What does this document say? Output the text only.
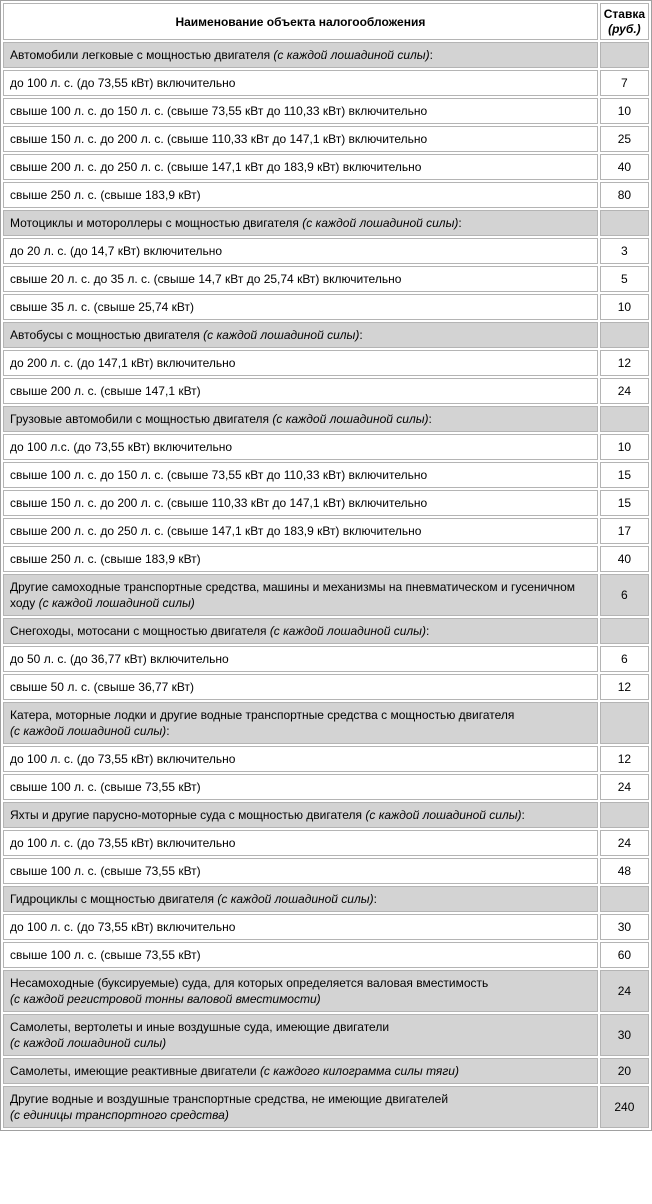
Наименование объекта налогообложения	Ставка
(руб.)
Автомобили легковые с мощностью двигателя (с каждой лошадиной силы):	
до 100 л. с. (до 73,55 кВт) включительно	7
свыше 100 л. с. до 150 л. с. (свыше 73,55 кВт до 110,33 кВт) включительно	10
свыше 150 л. с. до 200 л. с. (свыше 110,33 кВт до 147,1 кВт) включительно	25
свыше 200 л. с. до 250 л. с. (свыше 147,1 кВт до 183,9 кВт) включительно	40
свыше 250 л. с. (свыше 183,9 кВт)	80
Мотоциклы и мотороллеры с мощностью двигателя (с каждой лошадиной силы):	
до 20 л. с. (до 14,7 кВт) включительно	3
свыше 20 л. с. до 35 л. с. (свыше 14,7 кВт до 25,74 кВт) включительно	5
свыше 35 л. с. (свыше 25,74 кВт)	10
Автобусы с мощностью двигателя (с каждой лошадиной силы):	
до 200 л. с. (до 147,1 кВт) включительно	12
свыше 200 л. с. (свыше 147,1 кВт)	24
Грузовые автомобили с мощностью двигателя (с каждой лошадиной силы):	
до 100 л.с. (до 73,55 кВт) включительно	10
свыше 100 л. с. до 150 л. с. (свыше 73,55 кВт до 110,33 кВт) включительно	15
свыше 150 л. с. до 200 л. с. (свыше 110,33 кВт до 147,1 кВт) включительно	15
свыше 200 л. с. до 250 л. с. (свыше 147,1 кВт до 183,9 кВт) включительно	17
свыше 250 л. с. (свыше 183,9 кВт)	40
Другие самоходные транспортные средства, машины и механизмы на пневматическом и гусеничном ходу (с каждой лошадиной силы)	6
Снегоходы, мотосани с мощностью двигателя (с каждой лошадиной силы):	
до 50 л. с. (до 36,77 кВт) включительно	6
свыше 50 л. с. (свыше 36,77 кВт)	12
Катера, моторные лодки и другие водные транспортные средства с мощностью двигателя
(с каждой лошадиной силы):	
до 100 л. с. (до 73,55 кВт) включительно	12
свыше 100 л. с. (свыше 73,55 кВт)	24
Яхты и другие парусно-моторные суда с мощностью двигателя (с каждой лошадиной силы):	
до 100 л. с. (до 73,55 кВт) включительно	24
свыше 100 л. с. (свыше 73,55 кВт)	48
Гидроциклы с мощностью двигателя (с каждой лошадиной силы):	
до 100 л. с. (до 73,55 кВт) включительно	30
свыше 100 л. с. (свыше 73,55 кВт)	60
Несамоходные (буксируемые) суда, для которых определяется валовая вместимость
(с каждой регистровой тонны валовой вместимости)	24
Самолеты, вертолеты и иные воздушные суда, имеющие двигатели
(с каждой лошадиной силы)	30
Самолеты, имеющие реактивные двигатели (с каждого килограмма силы тяги)	20
Другие водные и воздушные транспортные средства, не имеющие двигателей
(с единицы транспортного средства)	240
